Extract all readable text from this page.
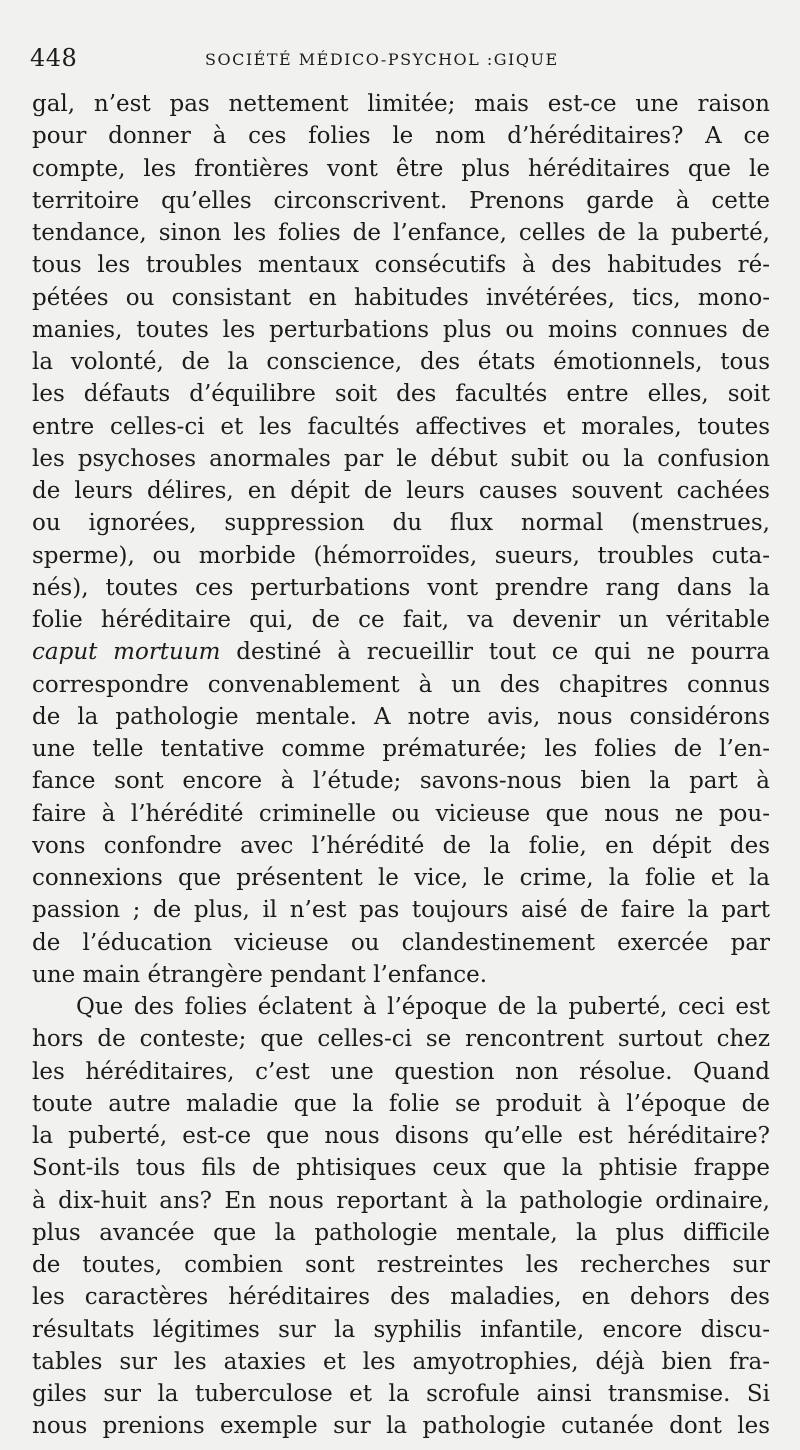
448	SOCIÉTÉ MÉDICO-PSYCHOL :GIQUE
gal, n’est pas nettement limitée; mais est-ce une raison
pour donner à ces folies le nom d’héréditaires? A ce
compte, les frontières vont être plus héréditaires que le
territoire qu’elles circonscrivent. Prenons garde à cette
tendance, sinon les folies de l’enfance, celles de la puberté,
tous les troubles mentaux consécutifs à des habitudes ré-
pétées ou consistant en habitudes invétérées, tics, mono-
manies, toutes les perturbations plus ou moins connues de
la volonté, de la conscience, des états émotionnels, tous
les défauts d’équilibre soit des facultés entre elles, soit
entre celles-ci et les facultés affectives et morales, toutes
les psychoses anormales par le début subit ou la confusion
de leurs délires, en dépit de leurs causes souvent cachées
ou ignorées, suppression du flux normal (menstrues,
sperme), ou morbide (hémorroïdes, sueurs, troubles cuta-
nés), toutes ces perturbations vont prendre rang dans la
folie héréditaire qui, de ce fait, va devenir un véritable
caput mortuum destiné à recueillir tout ce qui ne pourra
correspondre convenablement à un des chapitres connus
de la pathologie mentale. A notre avis, nous considérons
une telle tentative comme prématurée; les folies de l’en-
fance sont encore à l’étude; savons-nous bien la part à
faire à l’hérédité criminelle ou vicieuse que nous ne pou-
vons confondre avec l’hérédité de la folie, en dépit des
connexions que présentent le vice, le crime, la folie et la
passion ; de plus, il n’est pas toujours aisé de faire la part
de l’éducation vicieuse ou clandestinement exercée par
une main étrangère pendant l’enfance.
Que des folies éclatent à l’époque de la puberté, ceci est
hors de conteste; que celles-ci se rencontrent surtout chez
les héréditaires, c’est une question non résolue. Quand
toute autre maladie que la folie se produit à l’époque de
la puberté, est-ce que nous disons qu’elle est héréditaire?
Sont-ils tous fils de phtisiques ceux que la phtisie frappe
à dix-huit ans? En nous reportant à la pathologie ordinaire,
plus avancée que la pathologie mentale, la plus difficile
de toutes, combien sont restreintes les recherches sur
les caractères héréditaires des maladies, en dehors des
résultats légitimes sur la syphilis infantile, encore discu-
tables sur les ataxies et les amyotrophies, déjà bien fra-
giles sur la tuberculose et la scrofule ainsi transmise. Si
nous prenions exemple sur la pathologie cutanée dont les
